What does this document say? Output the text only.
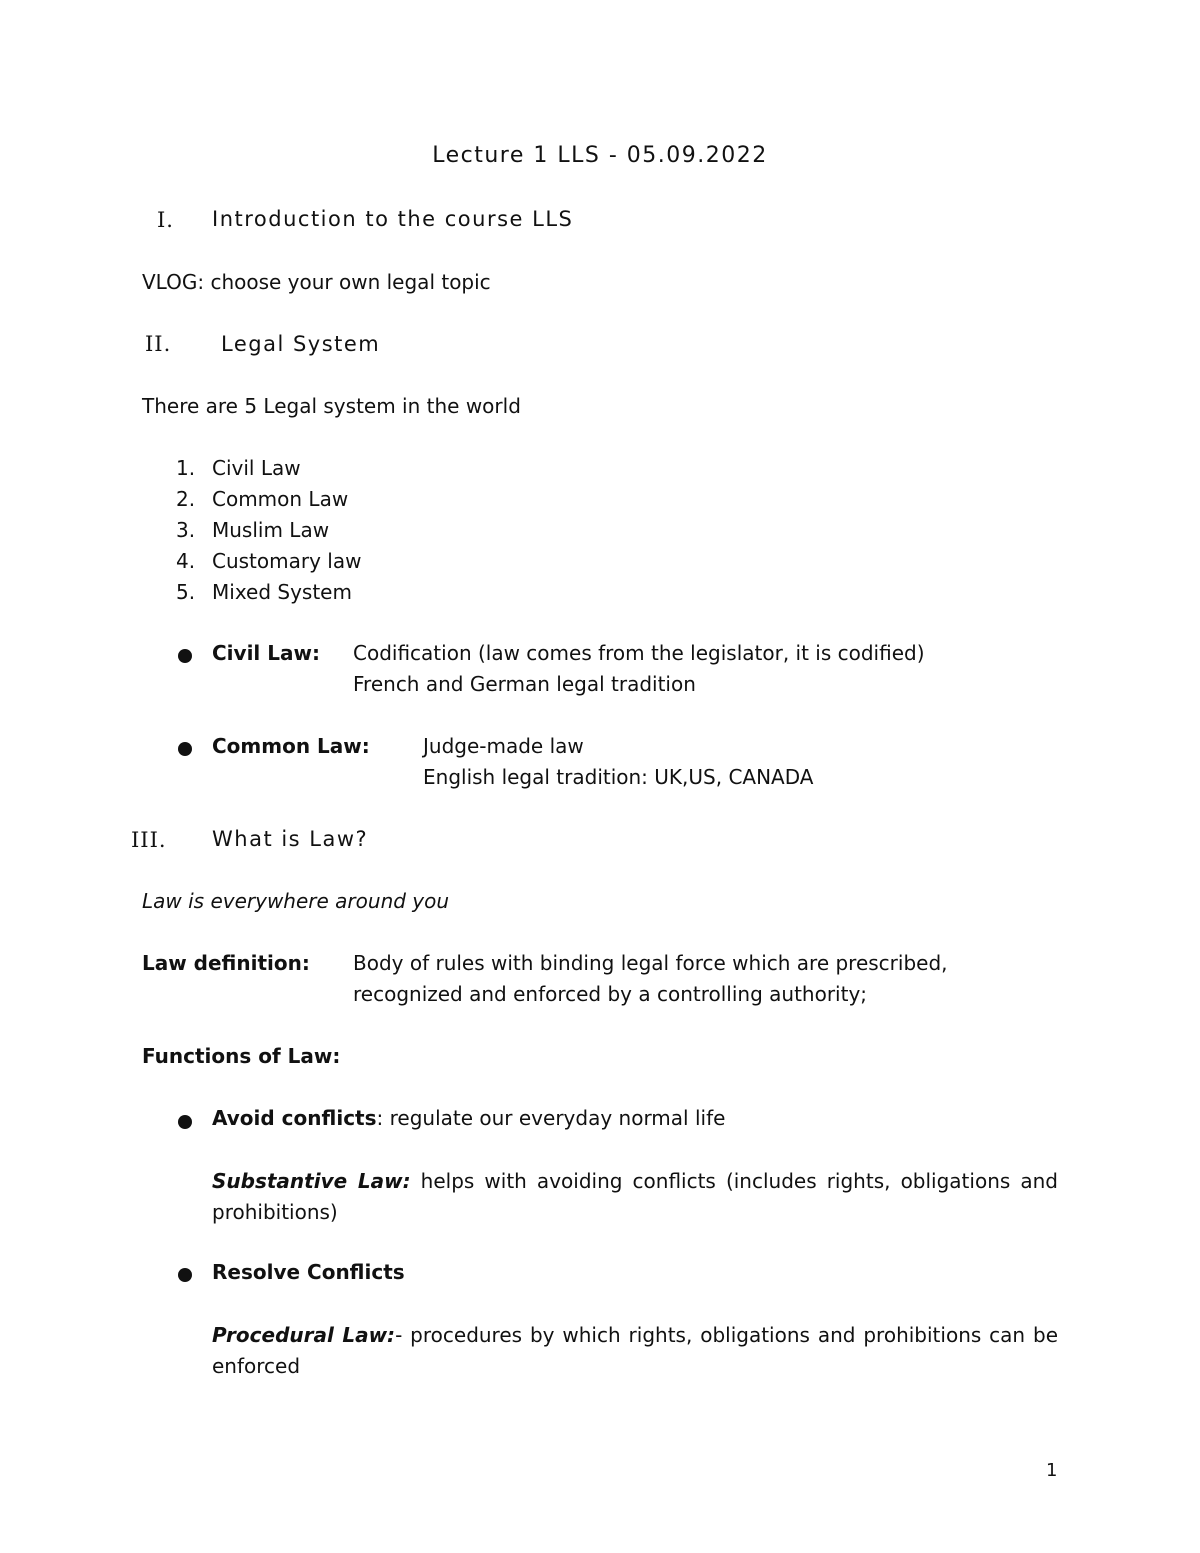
Lecture 1 LLS - 05.09.2022
I. Introduction to the course LLS
VLOG: choose your own legal topic
II. Legal System
There are 5 Legal system in the world
1. Civil Law
2. Common Law
3. Muslim Law
4. Customary law
5. Mixed System
Civil Law: Codification (law comes from the legislator, it is codified)
French and German legal tradition
Common Law:	Judge-made law
English legal tradition: UK,US, CANADA
III. What is Law?
Law is everywhere around you
Law definition: Body of rules with binding legal force which are prescribed,
recognized and enforced by a controlling authority;
Functions of Law:
Avoid conflicts: regulate our everyday normal life
Substantive Law: helps with avoiding conflicts (includes rights, obligations and prohibitions)
Resolve Conflicts
Procedural Law:- procedures by which rights, obligations and prohibitions can be enforced
1
